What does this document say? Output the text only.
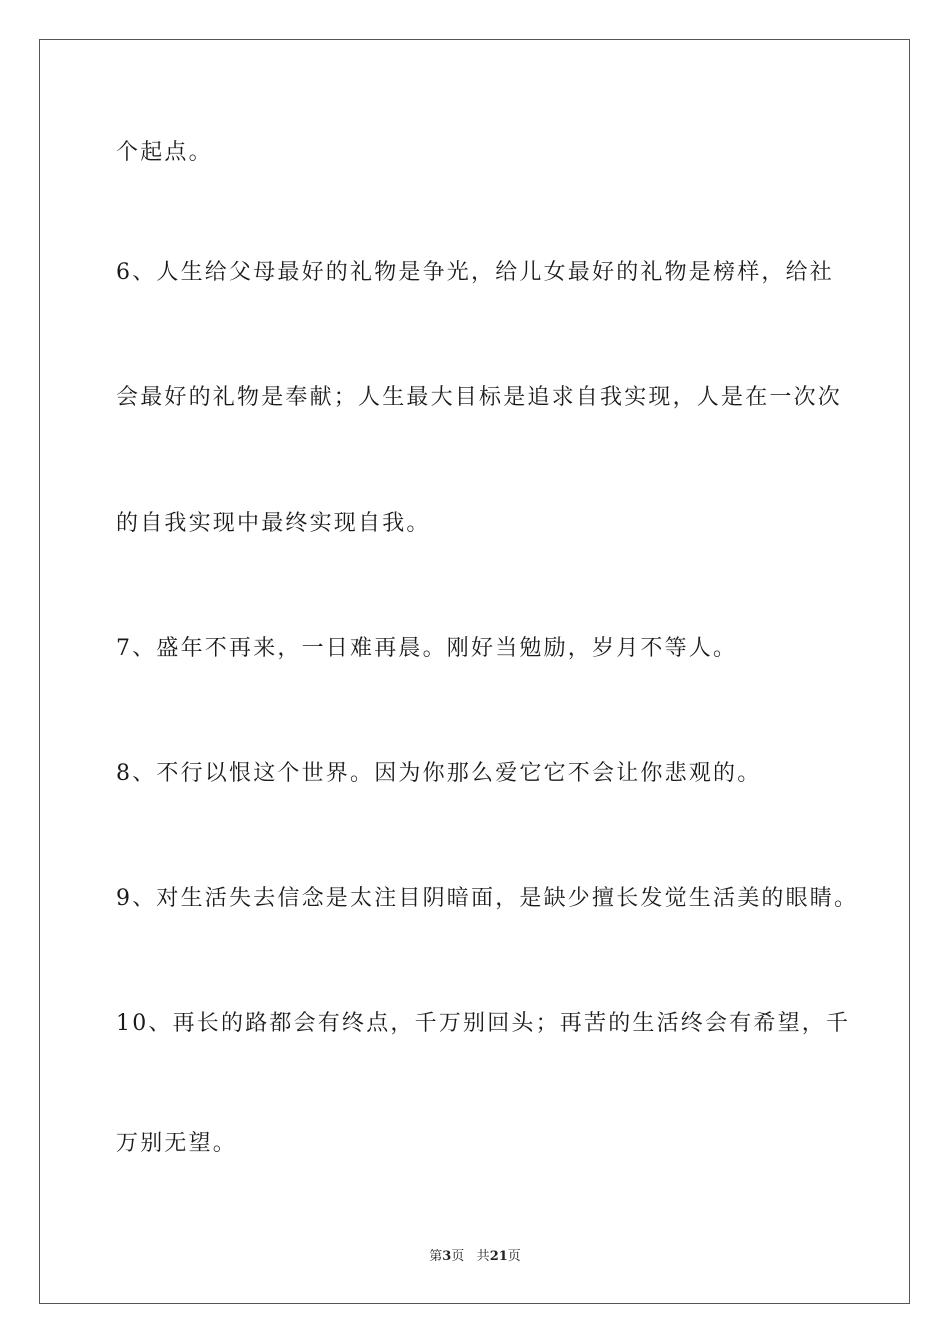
个起点。
6、人生给父母最好的礼物是争光，给儿女最好的礼物是榜样，给社
会最好的礼物是奉献；人生最大目标是追求自我实现，人是在一次次
的自我实现中最终实现自我。
7、盛年不再来，一日难再晨。刚好当勉励，岁月不等人。
8、不行以恨这个世界。因为你那么爱它它不会让你悲观的。
9、对生活失去信念是太注目阴暗面，是缺少擅长发觉生活美的眼睛。
10、再长的路都会有终点，千万别回头；再苦的生活终会有希望，千
万别无望。
第3页 共21页
